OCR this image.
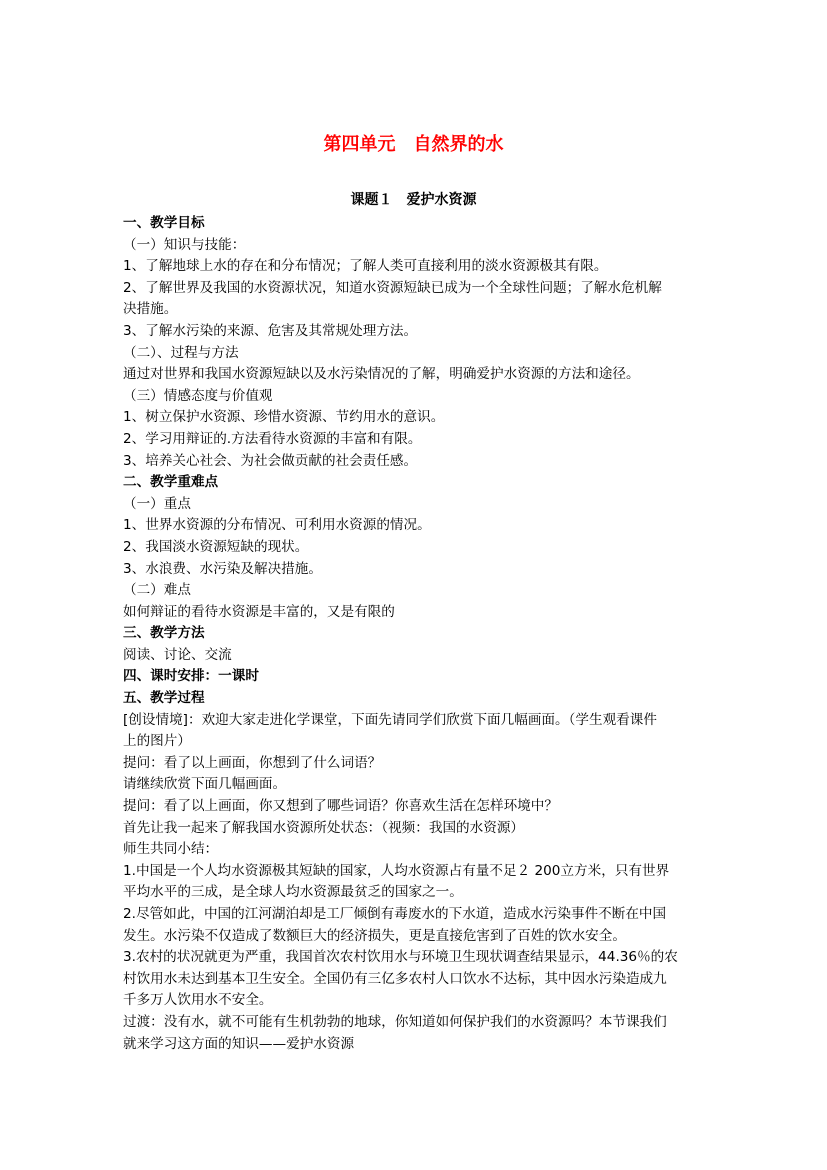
第四单元　自然界的水
课题１　爱护水资源
一、教学目标
（一）知识与技能：
1、了解地球上水的存在和分布情况；了解人类可直接利用的淡水资源极其有限。
2、了解世界及我国的水资源状况，知道水资源短缺已成为一个全球性问题；了解水危机解
决措施。
3、了解水污染的来源、危害及其常规处理方法。
（二）、过程与方法
通过对世界和我国水资源短缺以及水污染情况的了解，明确爱护水资源的方法和途径。
（三）情感态度与价值观
1、树立保护水资源、珍惜水资源、节约用水的意识。
2、学习用辩证的.方法看待水资源的丰富和有限。
3、培养关心社会、为社会做贡献的社会责任感。
二、教学重难点
（一）重点
1、世界水资源的分布情况、可利用水资源的情况。
2、我国淡水资源短缺的现状。
3、水浪费、水污染及解决措施。
（二）难点
如何辩证的看待水资源是丰富的，又是有限的
三、教学方法
阅读、讨论、交流
四、课时安排：一课时
五、教学过程
[创设情境]：欢迎大家走进化学课堂，下面先请同学们欣赏下面几幅画面。（学生观看课件
上的图片）
提问：看了以上画面，你想到了什么词语？
请继续欣赏下面几幅画面。
提问：看了以上画面，你又想到了哪些词语？你喜欢生活在怎样环境中？
首先让我一起来了解我国水资源所处状态：（视频：我国的水资源）
师生共同小结：
1.中国是一个人均水资源极其短缺的国家，人均水资源占有量不足２ 200立方米，只有世界
平均水平的三成，是全球人均水资源最贫乏的国家之一。
2.尽管如此，中国的江河湖泊却是工厂倾倒有毒废水的下水道，造成水污染事件不断在中国
发生。水污染不仅造成了数额巨大的经济损失，更是直接危害到了百姓的饮水安全。
3.农村的状况就更为严重，我国首次农村饮用水与环境卫生现状调查结果显示，44.36％的农
村饮用水未达到基本卫生安全。全国仍有三亿多农村人口饮水不达标，其中因水污染造成九
千多万人饮用水不安全。
过渡：没有水，就不可能有生机勃勃的地球，你知道如何保护我们的水资源吗？本节课我们
就来学习这方面的知识——爱护水资源
